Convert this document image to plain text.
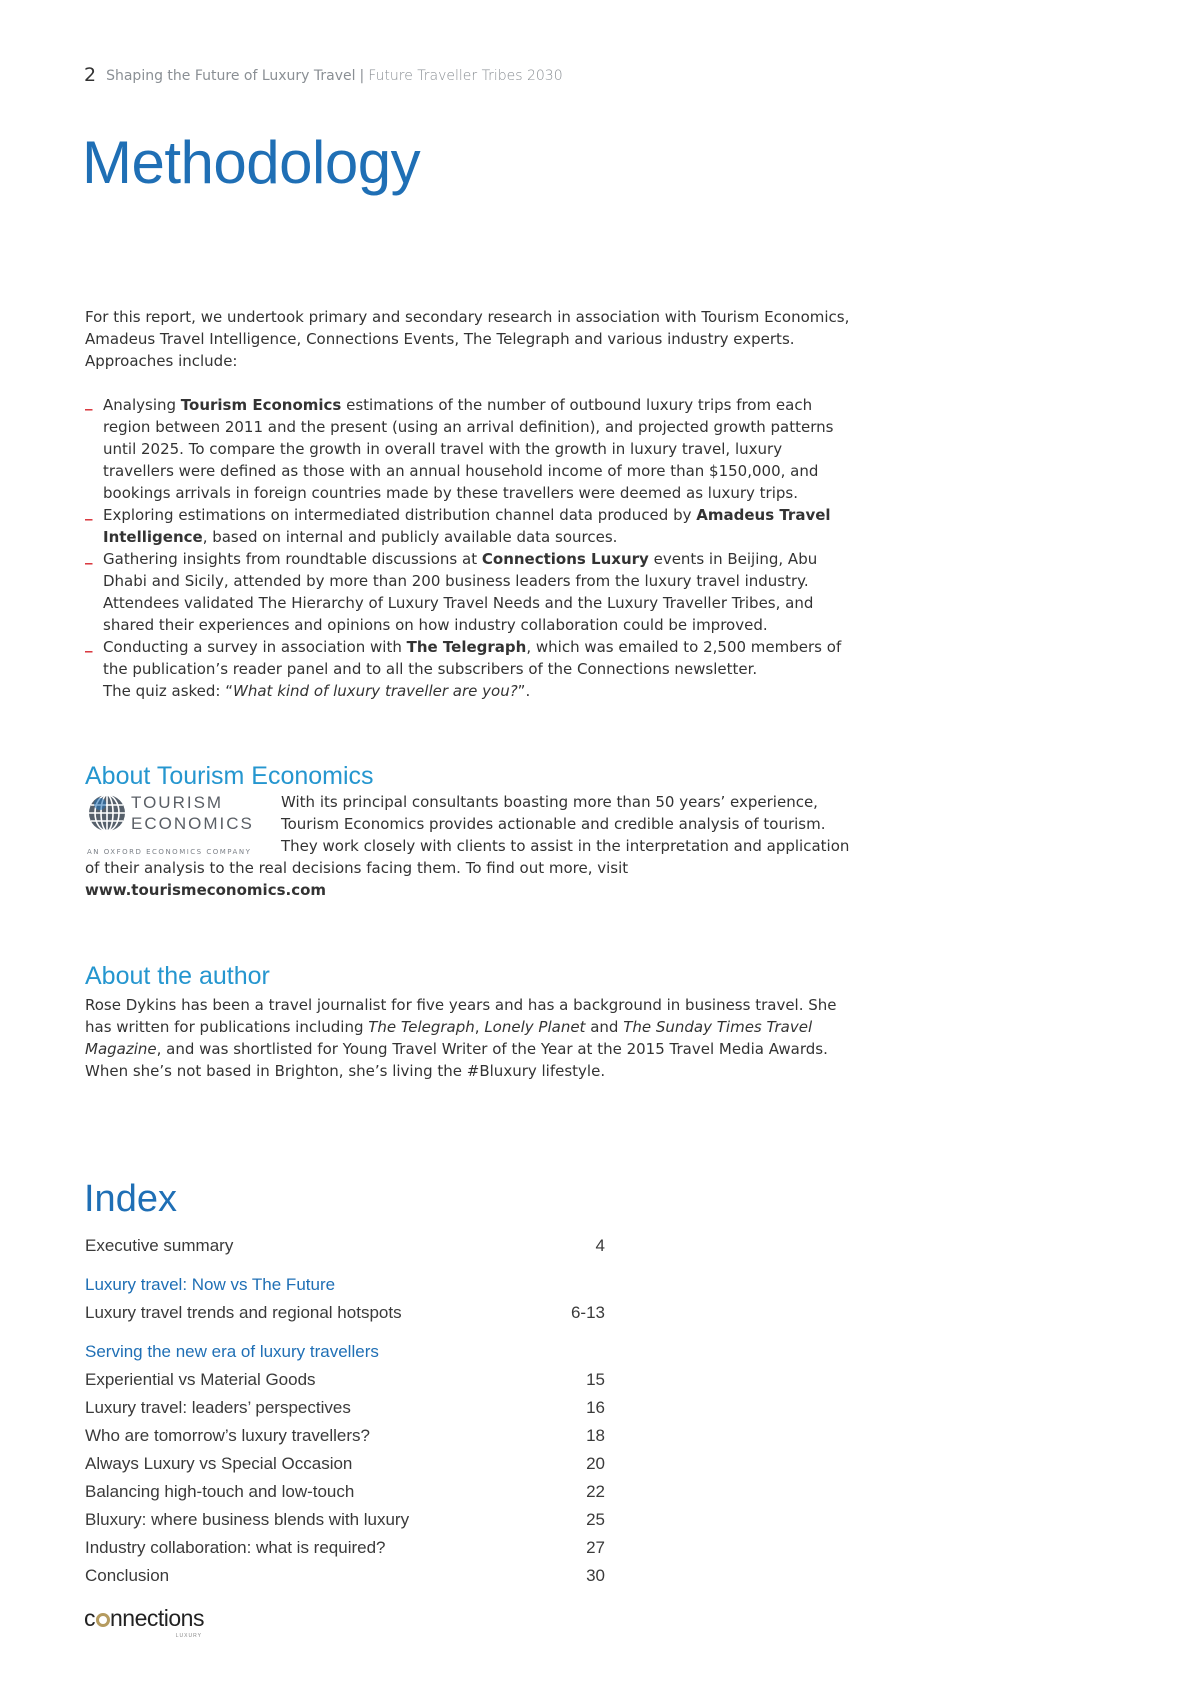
2 Shaping the Future of Luxury Travel | Future Traveller Tribes 2030
Methodology

For this report, we undertook primary and secondary research in association with Tourism Economics, Amadeus Travel Intelligence, Connections Events, The Telegraph and various industry experts. Approaches include:

_ Analysing Tourism Economics estimations of the number of outbound luxury trips from each region between 2011 and the present (using an arrival definition), and projected growth patterns until 2025. To compare the growth in overall travel with the growth in luxury travel, luxury travellers were defined as those with an annual household income of more than $150,000, and bookings arrivals in foreign countries made by these travellers were deemed as luxury trips.
_ Exploring estimations on intermediated distribution channel data produced by Amadeus Travel Intelligence, based on internal and publicly available data sources.
_ Gathering insights from roundtable discussions at Connections Luxury events in Beijing, Abu Dhabi and Sicily, attended by more than 200 business leaders from the luxury travel industry. Attendees validated The Hierarchy of Luxury Travel Needs and the Luxury Traveller Tribes, and shared their experiences and opinions on how industry collaboration could be improved.
_ Conducting a survey in association with The Telegraph, which was emailed to 2,500 members of the publication’s reader panel and to all the subscribers of the Connections newsletter.
The quiz asked: “What kind of luxury traveller are you?”.
About Tourism Economics
TOURISM
ECONOMICS
AN OXFORD ECONOMICS COMPANY

With its principal consultants boasting more than 50 years’ experience, Tourism Economics provides actionable and credible analysis of tourism. They work closely with clients to assist in the interpretation and application of their analysis to the real decisions facing them. To find out more, visit www.tourismeconomics.com

About the author

Rose Dykins has been a travel journalist for five years and has a background in business travel. She has written for publications including The Telegraph, Lonely Planet and The Sunday Times Travel Magazine, and was shortlisted for Young Travel Writer of the Year at the 2015 Travel Media Awards. When she’s not based in Brighton, she’s living the #Bluxury lifestyle.

Index
Executive summary	4
Luxury travel: Now vs The Future
Luxury travel trends and regional hotspots	6-13
Serving the new era of luxury travellers
Experiential vs Material Goods	15
Luxury travel: leaders’ perspectives	16
Who are tomorrow’s luxury travellers?	18
Always Luxury vs Special Occasion	20
Balancing high-touch and low-touch	22
Bluxury: where business blends with luxury	25
Industry collaboration: what is required?	27
Conclusion	30
c nnections
LUXURY
